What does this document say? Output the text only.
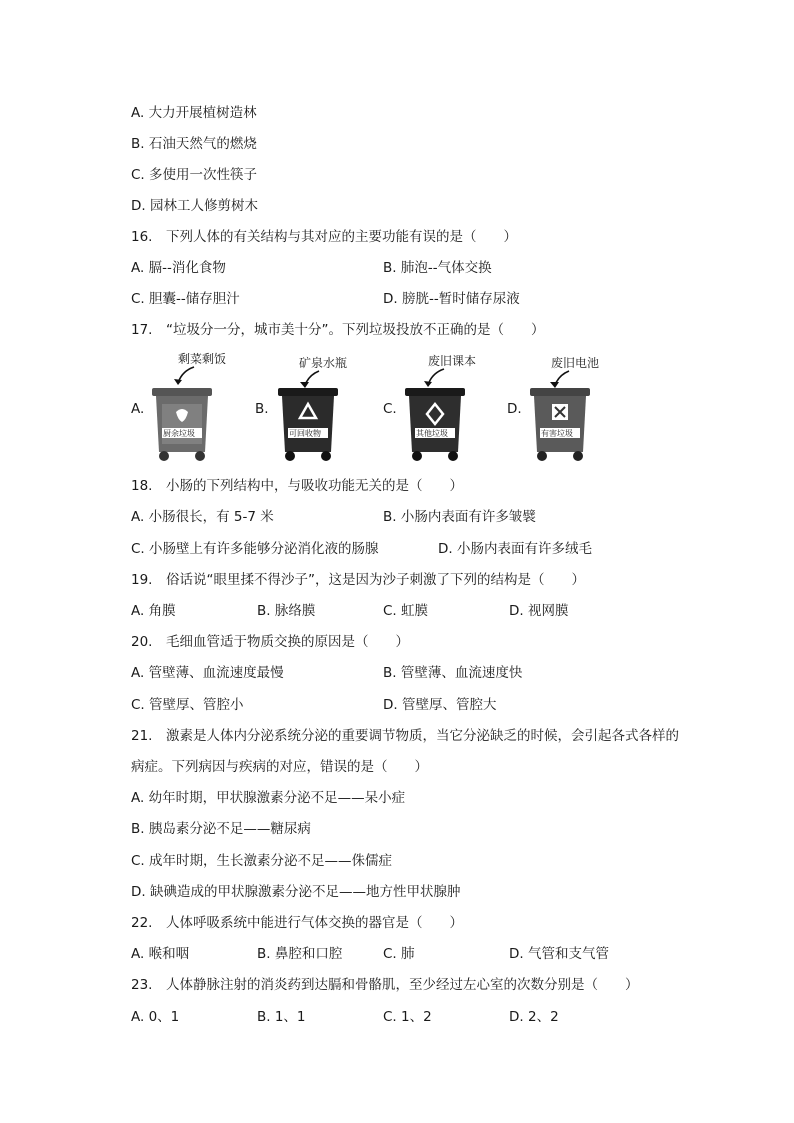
A. 大力开展植树造林
B. 石油天然气的燃烧
C. 多使用一次性筷子
D. 园林工人修剪树木
16.　下列人体的有关结构与其对应的主要功能有误的是（　　）
A. 膈--消化食物	B. 肺泡--气体交换
C. 胆囊--储存胆汁	D. 膀胱--暂时储存尿液
17.　“垃圾分一分，城市美十分”。下列垃圾投放不正确的是（　　）
剩菜剩饭
A.
厨余垃圾
矿泉水瓶
B.
可回收物
废旧课本
C.
其他垃圾
废旧电池
D.
有害垃圾
18.　小肠的下列结构中，与吸收功能无关的是（　　）
A. 小肠很长，有 5-7 米	B. 小肠内表面有许多皱襞
C. 小肠壁上有许多能够分泌消化液的肠腺	D. 小肠内表面有许多绒毛
19.　俗话说“眼里揉不得沙子”，这是因为沙子刺激了下列的结构是（　　）
A. 角膜	B. 脉络膜	C. 虹膜	D. 视网膜
20.　毛细血管适于物质交换的原因是（　　）
A. 管壁薄、血流速度最慢	B. 管壁薄、血流速度快
C. 管壁厚、管腔小	D. 管壁厚、管腔大
21.　激素是人体内分泌系统分泌的重要调节物质，当它分泌缺乏的时候，会引起各式各样的
病症。下列病因与疾病的对应，错误的是（　　）
A. 幼年时期，甲状腺激素分泌不足——呆小症
B. 胰岛素分泌不足——糖尿病
C. 成年时期，生长激素分泌不足——侏儒症
D. 缺碘造成的甲状腺激素分泌不足——地方性甲状腺肿
22.　人体呼吸系统中能进行气体交换的器官是（　　）
A. 喉和咽	B. 鼻腔和口腔	C. 肺	D. 气管和支气管
23.　人体静脉注射的消炎药到达膈和骨骼肌，至少经过左心室的次数分别是（　　）
A. 0、1	B. 1、1	C. 1、2	D. 2、2
